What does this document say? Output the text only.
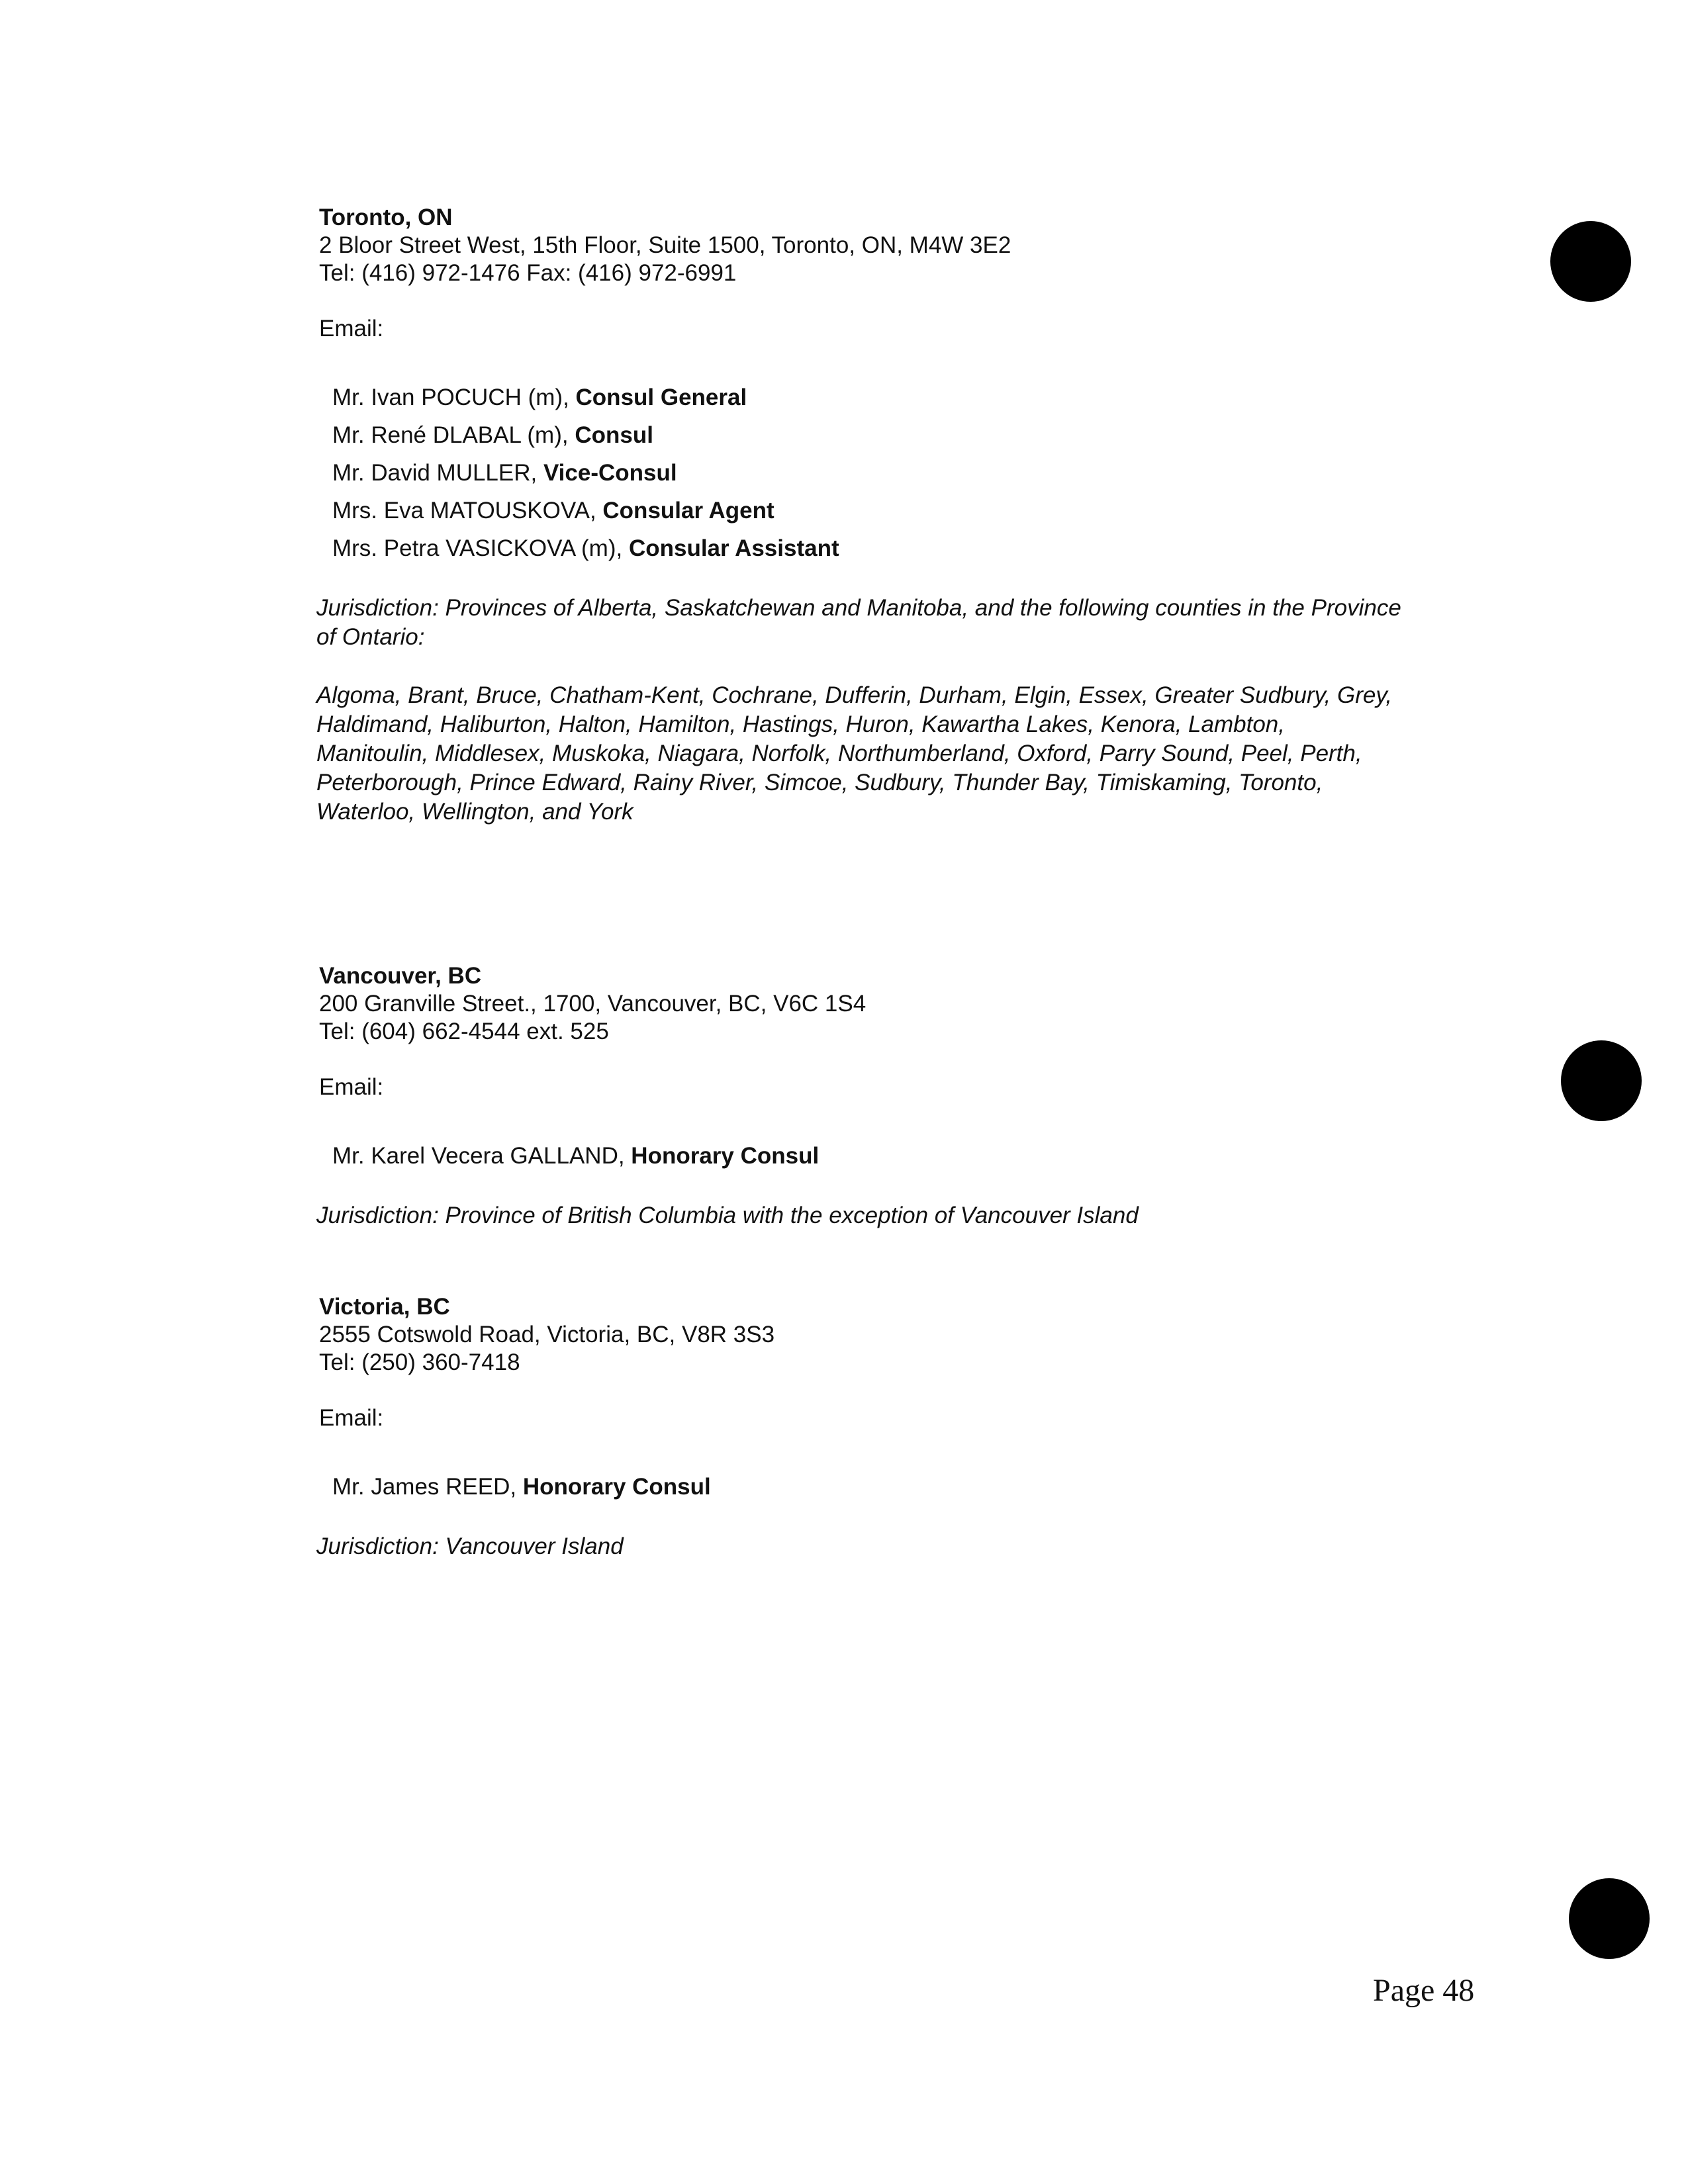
Toronto, ON

2 Bloor Street West, 15th Floor, Suite 1500, Toronto, ON, M4W 3E2

Tel: (416) 972-1476 Fax: (416) 972-6991

Email:

Mr. Ivan POCUCH (m), Consul General
Mr. René DLABAL (m), Consul
Mr. David MULLER, Vice-Consul
Mrs. Eva MATOUSKOVA, Consular Agent
Mrs. Petra VASICKOVA (m), Consular Assistant

Jurisdiction: Provinces of Alberta, Saskatchewan and Manitoba, and the following counties in the Province of Ontario:

Algoma, Brant, Bruce, Chatham-Kent, Cochrane, Dufferin, Durham, Elgin, Essex, Greater Sudbury, Grey, Haldimand, Haliburton, Halton, Hamilton, Hastings, Huron, Kawartha Lakes, Kenora, Lambton, Manitoulin, Middlesex, Muskoka, Niagara, Norfolk, Northumberland, Oxford, Parry Sound, Peel, Perth, Peterborough, Prince Edward, Rainy River, Simcoe, Sudbury, Thunder Bay, Timiskaming, Toronto, Waterloo, Wellington, and York

Vancouver, BC

200 Granville Street., 1700, Vancouver, BC, V6C 1S4

Tel: (604) 662-4544 ext. 525

Email:

Mr. Karel Vecera GALLAND, Honorary Consul

Jurisdiction: Province of British Columbia with the exception of Vancouver Island

Victoria, BC

2555 Cotswold Road, Victoria, BC, V8R 3S3

Tel: (250) 360-7418

Email:

Mr. James REED, Honorary Consul

Jurisdiction: Vancouver Island

Page 48
